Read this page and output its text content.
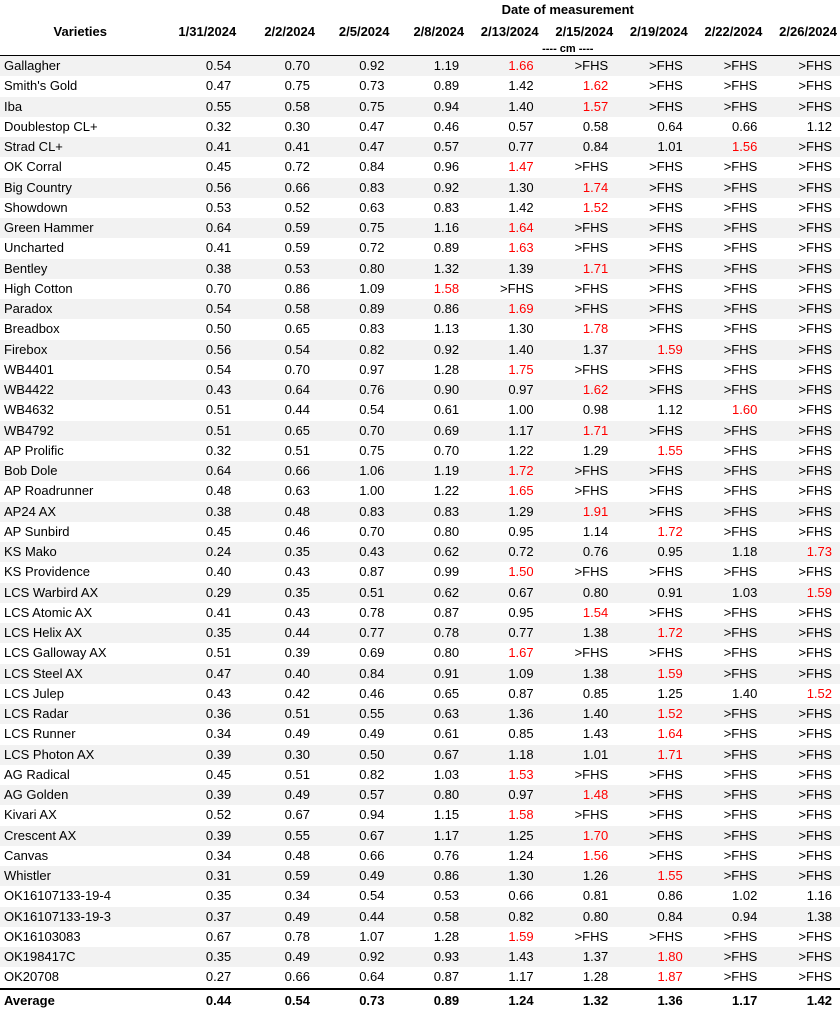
	Date of measurement								
Varieties	1/31/2024	2/2/2024	2/5/2024	2/8/2024	2/13/2024	2/15/2024	2/19/2024	2/22/2024	2/26/2024
	---- cm ----								
Gallagher	0.54	0.70	0.92	1.19	1.66	>FHS	>FHS	>FHS	>FHS
Smith's Gold	0.47	0.75	0.73	0.89	1.42	1.62	>FHS	>FHS	>FHS
Iba	0.55	0.58	0.75	0.94	1.40	1.57	>FHS	>FHS	>FHS
Doublestop CL+	0.32	0.30	0.47	0.46	0.57	0.58	0.64	0.66	1.12
Strad CL+	0.41	0.41	0.47	0.57	0.77	0.84	1.01	1.56	>FHS
OK Corral	0.45	0.72	0.84	0.96	1.47	>FHS	>FHS	>FHS	>FHS
Big Country	0.56	0.66	0.83	0.92	1.30	1.74	>FHS	>FHS	>FHS
Showdown	0.53	0.52	0.63	0.83	1.42	1.52	>FHS	>FHS	>FHS
Green Hammer	0.64	0.59	0.75	1.16	1.64	>FHS	>FHS	>FHS	>FHS
Uncharted	0.41	0.59	0.72	0.89	1.63	>FHS	>FHS	>FHS	>FHS
Bentley	0.38	0.53	0.80	1.32	1.39	1.71	>FHS	>FHS	>FHS
High Cotton	0.70	0.86	1.09	1.58	>FHS	>FHS	>FHS	>FHS	>FHS
Paradox	0.54	0.58	0.89	0.86	1.69	>FHS	>FHS	>FHS	>FHS
Breadbox	0.50	0.65	0.83	1.13	1.30	1.78	>FHS	>FHS	>FHS
Firebox	0.56	0.54	0.82	0.92	1.40	1.37	1.59	>FHS	>FHS
WB4401	0.54	0.70	0.97	1.28	1.75	>FHS	>FHS	>FHS	>FHS
WB4422	0.43	0.64	0.76	0.90	0.97	1.62	>FHS	>FHS	>FHS
WB4632	0.51	0.44	0.54	0.61	1.00	0.98	1.12	1.60	>FHS
WB4792	0.51	0.65	0.70	0.69	1.17	1.71	>FHS	>FHS	>FHS
AP Prolific	0.32	0.51	0.75	0.70	1.22	1.29	1.55	>FHS	>FHS
Bob Dole	0.64	0.66	1.06	1.19	1.72	>FHS	>FHS	>FHS	>FHS
AP Roadrunner	0.48	0.63	1.00	1.22	1.65	>FHS	>FHS	>FHS	>FHS
AP24 AX	0.38	0.48	0.83	0.83	1.29	1.91	>FHS	>FHS	>FHS
AP Sunbird	0.45	0.46	0.70	0.80	0.95	1.14	1.72	>FHS	>FHS
KS Mako	0.24	0.35	0.43	0.62	0.72	0.76	0.95	1.18	1.73
KS Providence	0.40	0.43	0.87	0.99	1.50	>FHS	>FHS	>FHS	>FHS
LCS Warbird AX	0.29	0.35	0.51	0.62	0.67	0.80	0.91	1.03	1.59
LCS Atomic AX	0.41	0.43	0.78	0.87	0.95	1.54	>FHS	>FHS	>FHS
LCS Helix AX	0.35	0.44	0.77	0.78	0.77	1.38	1.72	>FHS	>FHS
LCS Galloway AX	0.51	0.39	0.69	0.80	1.67	>FHS	>FHS	>FHS	>FHS
LCS Steel AX	0.47	0.40	0.84	0.91	1.09	1.38	1.59	>FHS	>FHS
LCS Julep	0.43	0.42	0.46	0.65	0.87	0.85	1.25	1.40	1.52
LCS Radar	0.36	0.51	0.55	0.63	1.36	1.40	1.52	>FHS	>FHS
LCS Runner	0.34	0.49	0.49	0.61	0.85	1.43	1.64	>FHS	>FHS
LCS Photon AX	0.39	0.30	0.50	0.67	1.18	1.01	1.71	>FHS	>FHS
AG Radical	0.45	0.51	0.82	1.03	1.53	>FHS	>FHS	>FHS	>FHS
AG Golden	0.39	0.49	0.57	0.80	0.97	1.48	>FHS	>FHS	>FHS
Kivari AX	0.52	0.67	0.94	1.15	1.58	>FHS	>FHS	>FHS	>FHS
Crescent AX	0.39	0.55	0.67	1.17	1.25	1.70	>FHS	>FHS	>FHS
Canvas	0.34	0.48	0.66	0.76	1.24	1.56	>FHS	>FHS	>FHS
Whistler	0.31	0.59	0.49	0.86	1.30	1.26	1.55	>FHS	>FHS
OK16107133-19-4	0.35	0.34	0.54	0.53	0.66	0.81	0.86	1.02	1.16
OK16107133-19-3	0.37	0.49	0.44	0.58	0.82	0.80	0.84	0.94	1.38
OK16103083	0.67	0.78	1.07	1.28	1.59	>FHS	>FHS	>FHS	>FHS
OK198417C	0.35	0.49	0.92	0.93	1.43	1.37	1.80	>FHS	>FHS
OK20708	0.27	0.66	0.64	0.87	1.17	1.28	1.87	>FHS	>FHS
Average	0.44	0.54	0.73	0.89	1.24	1.32	1.36	1.17	1.42
